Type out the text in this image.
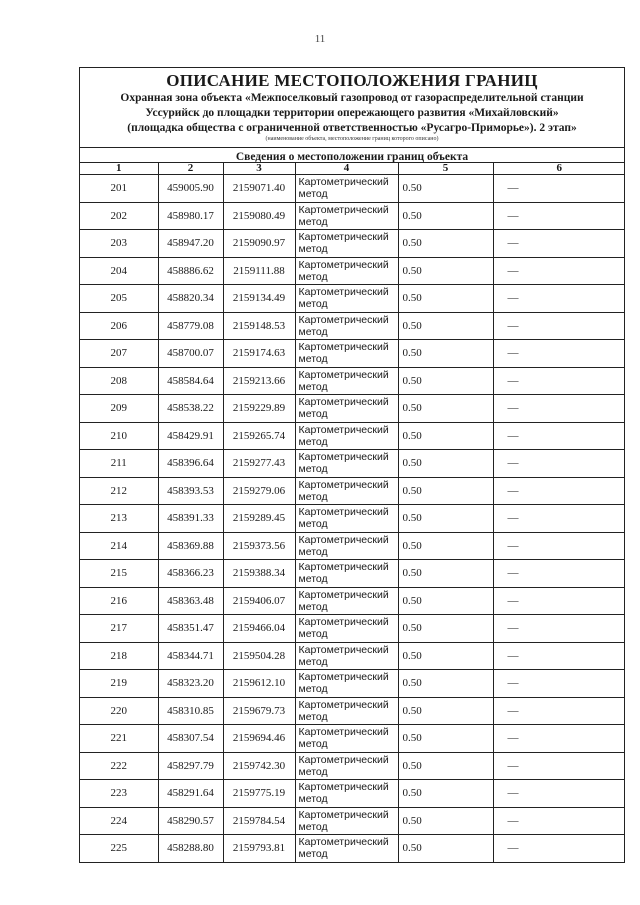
11
ОПИСАНИЕ МЕСТОПОЛОЖЕНИЯ ГРАНИЦ
Охранная зона объекта «Межпоселковый газопровод от газораспределительной станции
Уссурийск до площадки территории опережающего развития «Михайловский»
(площадка общества с ограниченной ответственностью «Русагро-Приморье»). 2 этап»
(наименование объекта, местоположение границ которого описано)
Сведения о местоположении границ объекта
1	2	3	4	5	6
201	459005.90	2159071.40	Картометрический метод	0.50	—
202	458980.17	2159080.49	Картометрический метод	0.50	—
203	458947.20	2159090.97	Картометрический метод	0.50	—
204	458886.62	2159111.88	Картометрический метод	0.50	—
205	458820.34	2159134.49	Картометрический метод	0.50	—
206	458779.08	2159148.53	Картометрический метод	0.50	—
207	458700.07	2159174.63	Картометрический метод	0.50	—
208	458584.64	2159213.66	Картометрический метод	0.50	—
209	458538.22	2159229.89	Картометрический метод	0.50	—
210	458429.91	2159265.74	Картометрический метод	0.50	—
211	458396.64	2159277.43	Картометрический метод	0.50	—
212	458393.53	2159279.06	Картометрический метод	0.50	—
213	458391.33	2159289.45	Картометрический метод	0.50	—
214	458369.88	2159373.56	Картометрический метод	0.50	—
215	458366.23	2159388.34	Картометрический метод	0.50	—
216	458363.48	2159406.07	Картометрический метод	0.50	—
217	458351.47	2159466.04	Картометрический метод	0.50	—
218	458344.71	2159504.28	Картометрический метод	0.50	—
219	458323.20	2159612.10	Картометрический метод	0.50	—
220	458310.85	2159679.73	Картометрический метод	0.50	—
221	458307.54	2159694.46	Картометрический метод	0.50	—
222	458297.79	2159742.30	Картометрический метод	0.50	—
223	458291.64	2159775.19	Картометрический метод	0.50	—
224	458290.57	2159784.54	Картометрический метод	0.50	—
225	458288.80	2159793.81	Картометрический метод	0.50	—
